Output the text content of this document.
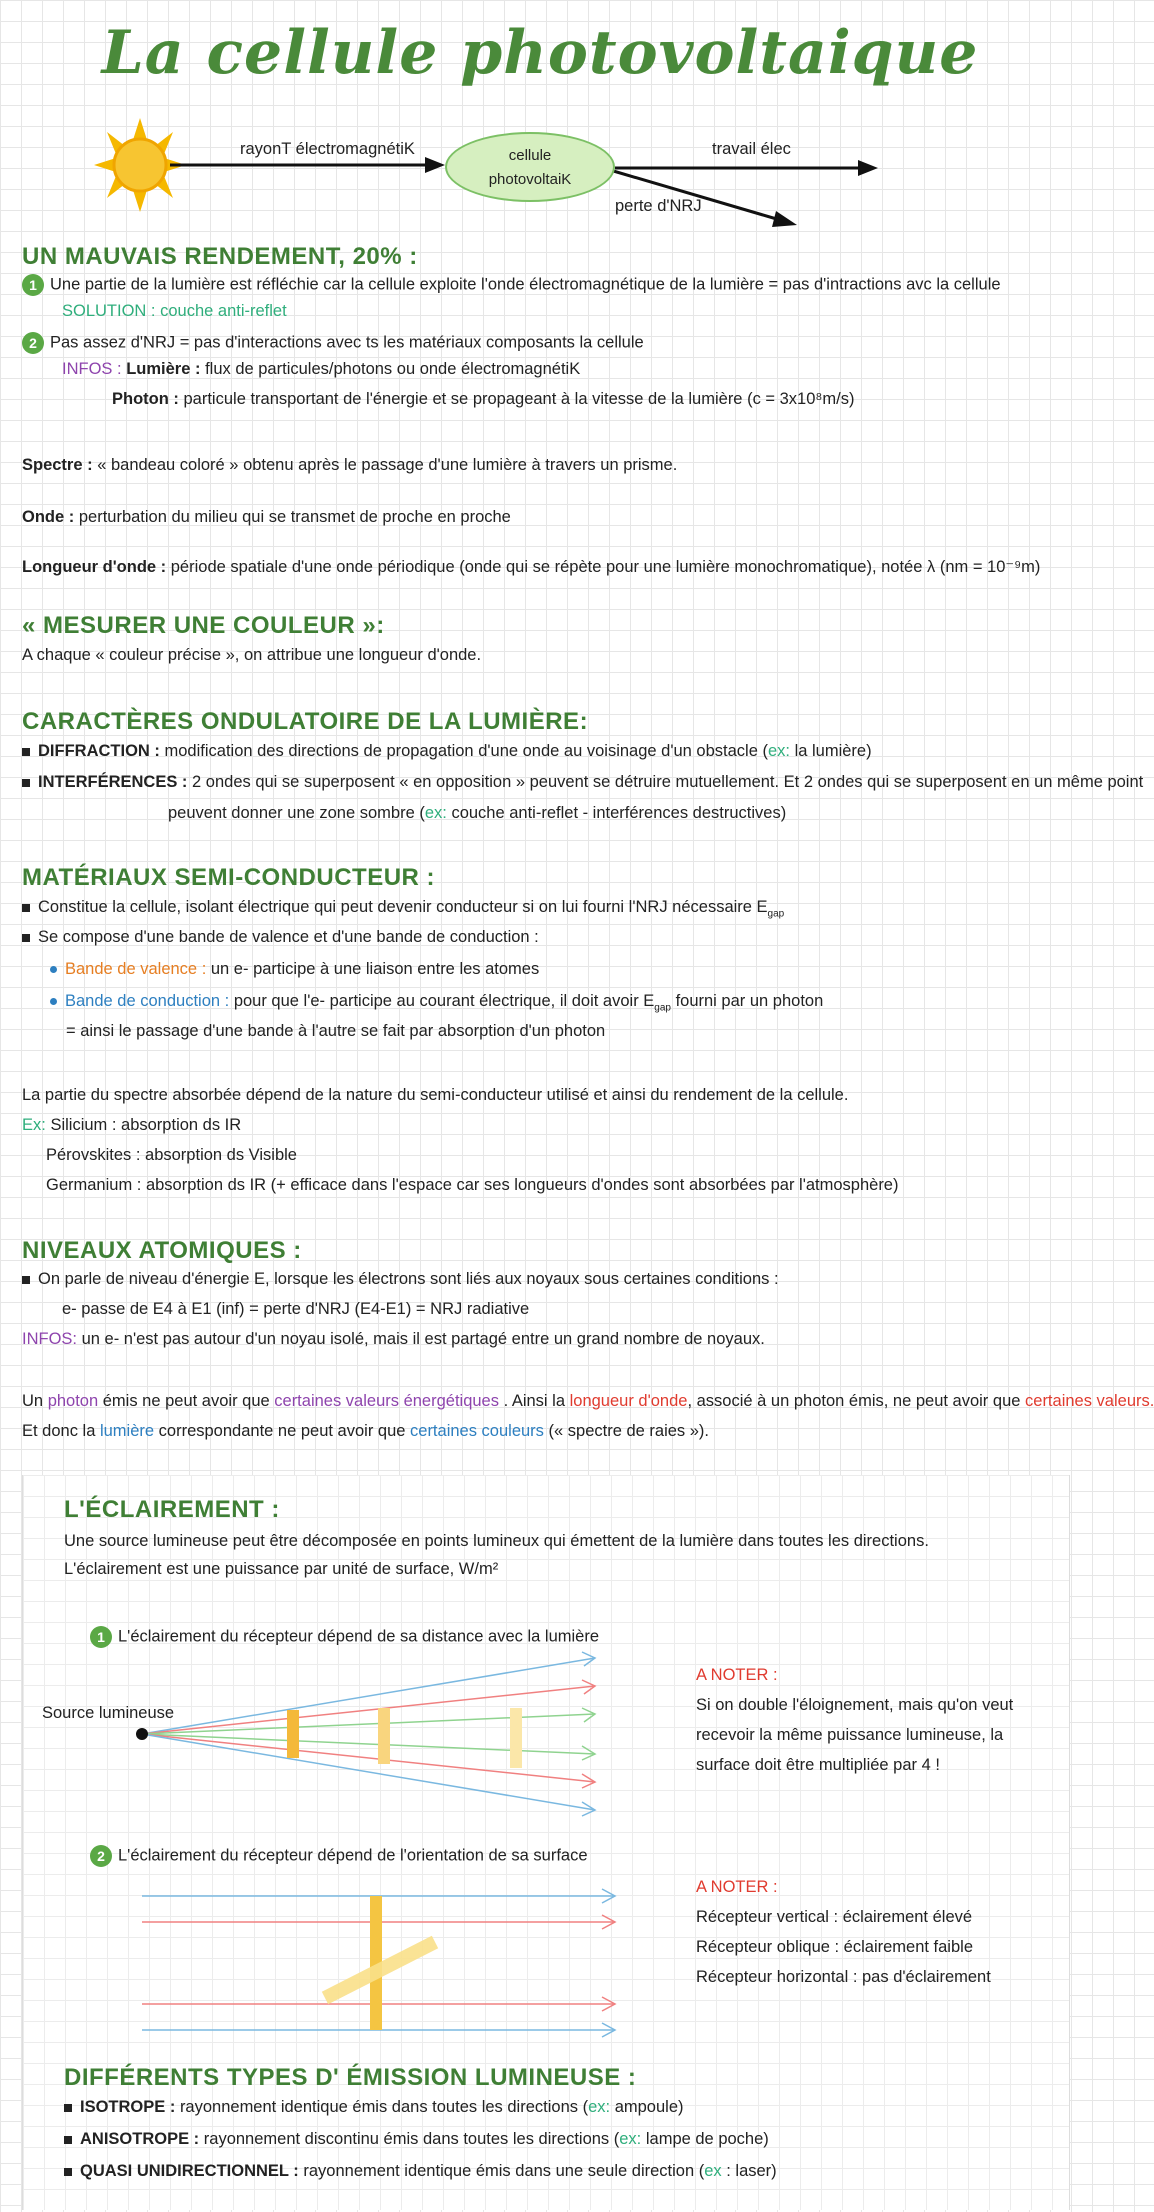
La cellule photovoltaique
rayonT électromagnétiK	cellule
photovoltaiK
travail élec
perte d'NRJ
UN MAUVAIS RENDEMENT, 20% :
1 Une partie de la lumière est réfléchie car la cellule exploite l'onde électromagnétique de la lumière = pas d'intractions avc la cellule
SOLUTION : couche anti-reflet
2 Pas assez d'NRJ = pas d'interactions avec ts les matériaux composants la cellule
INFOS : Lumière : flux de particules/photons ou onde électromagnétiK
Photon : particule transportant de l'énergie et se propageant à la vitesse de la lumière (c = 3x10⁸m/s)
Spectre : « bandeau coloré » obtenu après le passage d'une lumière à travers un prisme.
Onde : perturbation du milieu qui se transmet de proche en proche
Longueur d'onde : période spatiale d'une onde périodique (onde qui se répète pour une lumière monochromatique), notée λ (nm = 10⁻⁹m)
« MESURER UNE COULEUR »:
A chaque « couleur précise », on attribue une longueur d'onde.
CARACTÈRES ONDULATOIRE DE LA LUMIÈRE:
DIFFRACTION : modification des directions de propagation d'une onde au voisinage d'un obstacle (ex: la lumière)
INTERFÉRENCES : 2 ondes qui se superposent « en opposition » peuvent se détruire mutuellement. Et 2 ondes qui se superposent en un même point
peuvent donner une zone sombre (ex: couche anti-reflet - interférences destructives)
MATÉRIAUX SEMI-CONDUCTEUR :
Constitue la cellule, isolant électrique qui peut devenir conducteur si on lui fourni l'NRJ nécessaire $E_{gap}$
Se compose d'une bande de valence et d'une bande de conduction :
Bande de valence : un e- participe à une liaison entre les atomes
Bande de conduction : pour que l'e- participe au courant électrique, il doit avoir $E_{gap}$ fourni par un photon
= ainsi le passage d'une bande à l'autre se fait par absorption d'un photon
La partie du spectre absorbée dépend de la nature du semi-conducteur utilisé et ainsi du rendement de la cellule.
Ex: Silicium : absorption ds IR
Pérovskites : absorption ds Visible
Germanium : absorption ds IR (+ efficace dans l'espace car ses longueurs d'ondes sont absorbées par l'atmosphère)
NIVEAUX ATOMIQUES :
On parle de niveau d'énergie E, lorsque les électrons sont liés aux noyaux sous certaines conditions :
e- passe de E4 à E1 (inf) = perte d'NRJ (E4-E1) = NRJ radiative
INFOS: un e- n'est pas autour d'un noyau isolé, mais il est partagé entre un grand nombre de noyaux.
Un photon émis ne peut avoir que certaines valeurs énergétiques . Ainsi la longueur d'onde, associé à un photon émis, ne peut avoir que certaines valeurs.
Et donc la lumière correspondante ne peut avoir que certaines couleurs (« spectre de raies »).
L'ÉCLAIREMENT :
Une source lumineuse peut être décomposée en points lumineux qui émettent de la lumière dans toutes les directions.
L'éclairement est une puissance par unité de surface, W/m²
1 L'éclairement du récepteur dépend de sa distance avec la lumière
Source lumineuse
A NOTER :
Si on double l'éloignement, mais qu'on veut
recevoir la même puissance lumineuse, la
surface doit être multipliée par 4 !
2 L'éclairement du récepteur dépend de l'orientation de sa surface
A NOTER :
Récepteur vertical : éclairement élevé
Récepteur oblique : éclairement faible
Récepteur horizontal : pas d'éclairement
DIFFÉRENTS TYPES D' ÉMISSION LUMINEUSE :
ISOTROPE : rayonnement identique émis dans toutes les directions (ex: ampoule)
ANISOTROPE : rayonnement discontinu émis dans toutes les directions (ex: lampe de poche)
QUASI UNIDIRECTIONNEL : rayonnement identique émis dans une seule direction (ex : laser)
